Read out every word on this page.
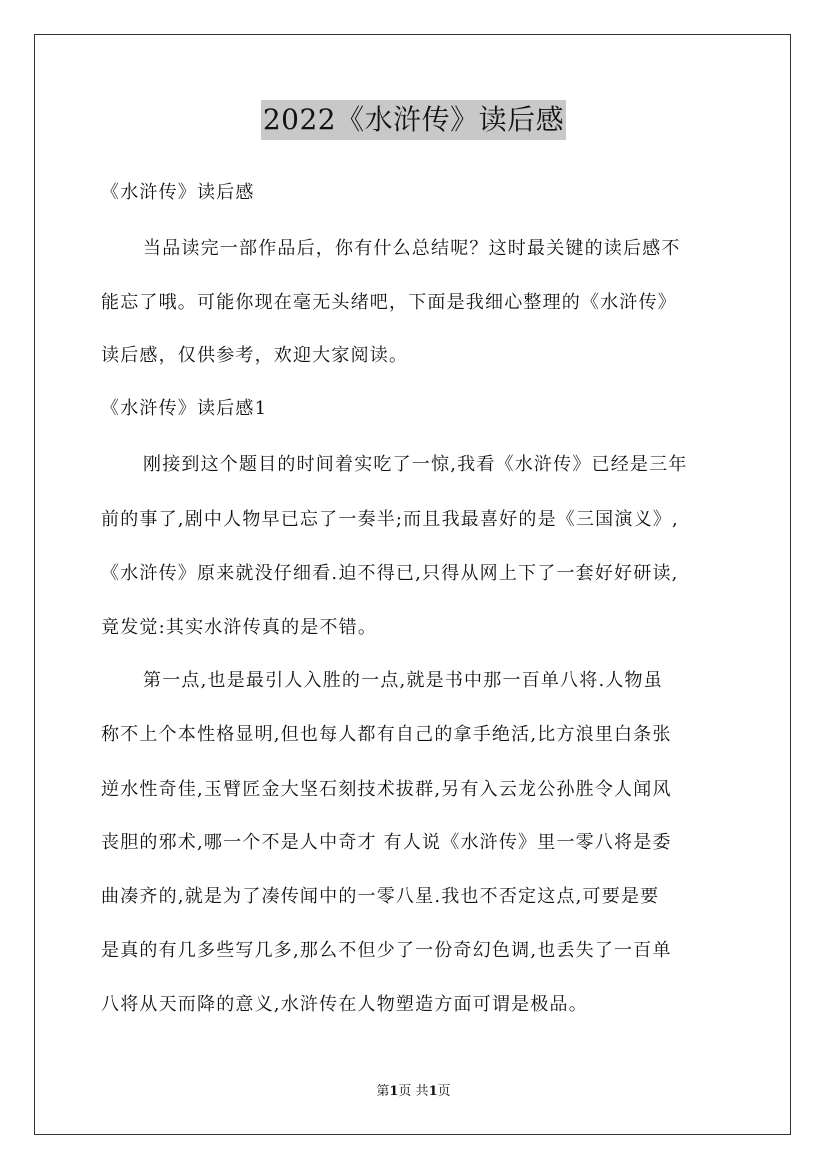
2022《水浒传》读后感
《水浒传》读后感
当品读完一部作品后，你有什么总结呢？这时最关键的读后感不
能忘了哦。可能你现在毫无头绪吧，下面是我细心整理的《水浒传》
读后感，仅供参考，欢迎大家阅读。
《水浒传》读后感1
刚接到这个题目的时间着实吃了一惊,我看《水浒传》已经是三年
前的事了,剧中人物早已忘了一奏半;而且我最喜好的是《三国演义》,
《水浒传》原来就没仔细看.迫不得已,只得从网上下了一套好好研读,
竟发觉:其实水浒传真的是不错。
第一点,也是最引人入胜的一点,就是书中那一百单八将.人物虽
称不上个本性格显明,但也每人都有自己的拿手绝活,比方浪里白条张
逆水性奇佳,玉臂匠金大坚石刻技术拔群,另有入云龙公孙胜令人闻风
丧胆的邪术,哪一个不是人中奇才 有人说《水浒传》里一零八将是委
曲凑齐的,就是为了凑传闻中的一零八星.我也不否定这点,可要是要
是真的有几多些写几多,那么不但少了一份奇幻色调,也丢失了一百单
八将从天而降的意义,水浒传在人物塑造方面可谓是极品。
第1页 共1页
